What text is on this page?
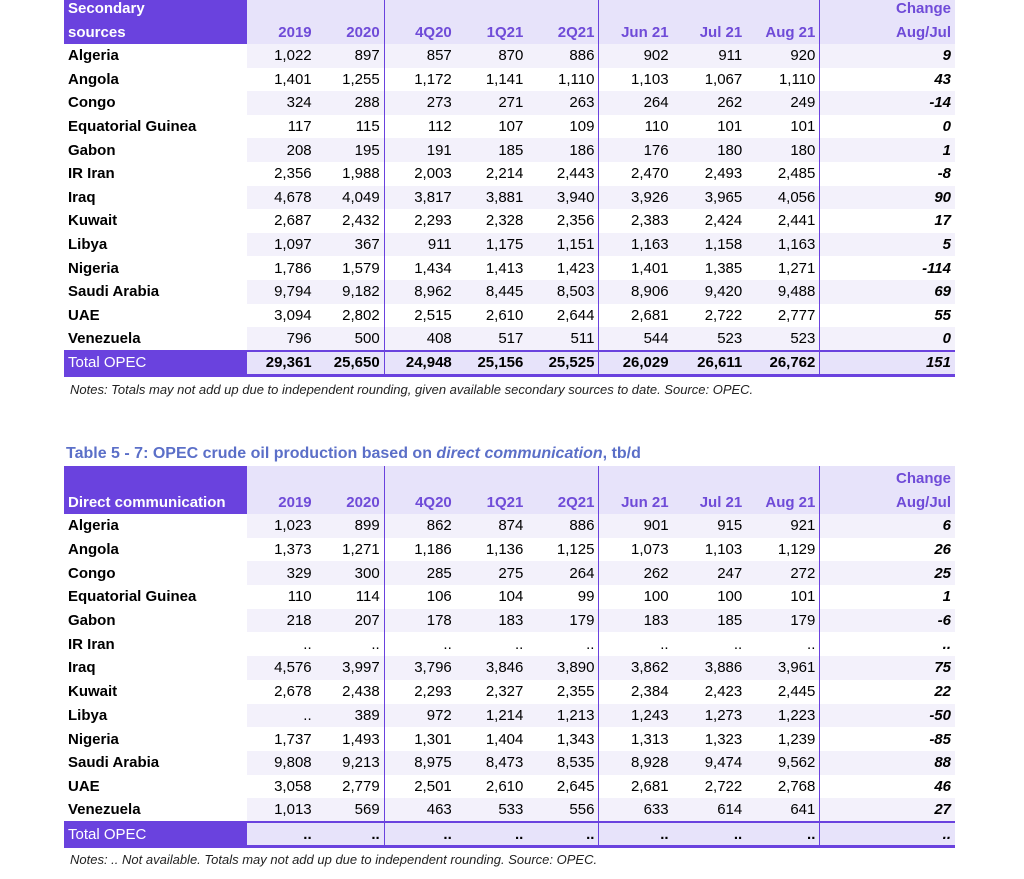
Secondary									Change
sources	2019	2020	4Q20	1Q21	2Q21	Jun 21	Jul 21	Aug 21	Aug/Jul
Algeria	1,022	897	857	870	886	902	911	920	9
Angola	1,401	1,255	1,172	1,141	1,110	1,103	1,067	1,110	43
Congo	324	288	273	271	263	264	262	249	-14
Equatorial Guinea	117	115	112	107	109	110	101	101	0
Gabon	208	195	191	185	186	176	180	180	1
IR Iran	2,356	1,988	2,003	2,214	2,443	2,470	2,493	2,485	-8
Iraq	4,678	4,049	3,817	3,881	3,940	3,926	3,965	4,056	90
Kuwait	2,687	2,432	2,293	2,328	2,356	2,383	2,424	2,441	17
Libya	1,097	367	911	1,175	1,151	1,163	1,158	1,163	5
Nigeria	1,786	1,579	1,434	1,413	1,423	1,401	1,385	1,271	-114
Saudi Arabia	9,794	9,182	8,962	8,445	8,503	8,906	9,420	9,488	69
UAE	3,094	2,802	2,515	2,610	2,644	2,681	2,722	2,777	55
Venezuela	796	500	408	517	511	544	523	523	0
Total OPEC	29,361	25,650	24,948	25,156	25,525	26,029	26,611	26,762	151
Notes: Totals may not add up due to independent rounding, given available secondary sources to date. Source: OPEC.
Table 5 - 7: OPEC crude oil production based on direct communication, tb/d
									Change
Direct communication	2019	2020	4Q20	1Q21	2Q21	Jun 21	Jul 21	Aug 21	Aug/Jul
Algeria	1,023	899	862	874	886	901	915	921	6
Angola	1,373	1,271	1,186	1,136	1,125	1,073	1,103	1,129	26
Congo	329	300	285	275	264	262	247	272	25
Equatorial Guinea	110	114	106	104	99	100	100	101	1
Gabon	218	207	178	183	179	183	185	179	-6
IR Iran	..	..	..	..	..	..	..	..	..
Iraq	4,576	3,997	3,796	3,846	3,890	3,862	3,886	3,961	75
Kuwait	2,678	2,438	2,293	2,327	2,355	2,384	2,423	2,445	22
Libya	..	389	972	1,214	1,213	1,243	1,273	1,223	-50
Nigeria	1,737	1,493	1,301	1,404	1,343	1,313	1,323	1,239	-85
Saudi Arabia	9,808	9,213	8,975	8,473	8,535	8,928	9,474	9,562	88
UAE	3,058	2,779	2,501	2,610	2,645	2,681	2,722	2,768	46
Venezuela	1,013	569	463	533	556	633	614	641	27
Total OPEC	..	..	..	..	..	..	..	..	..
Notes: .. Not available. Totals may not add up due to independent rounding. Source: OPEC.
